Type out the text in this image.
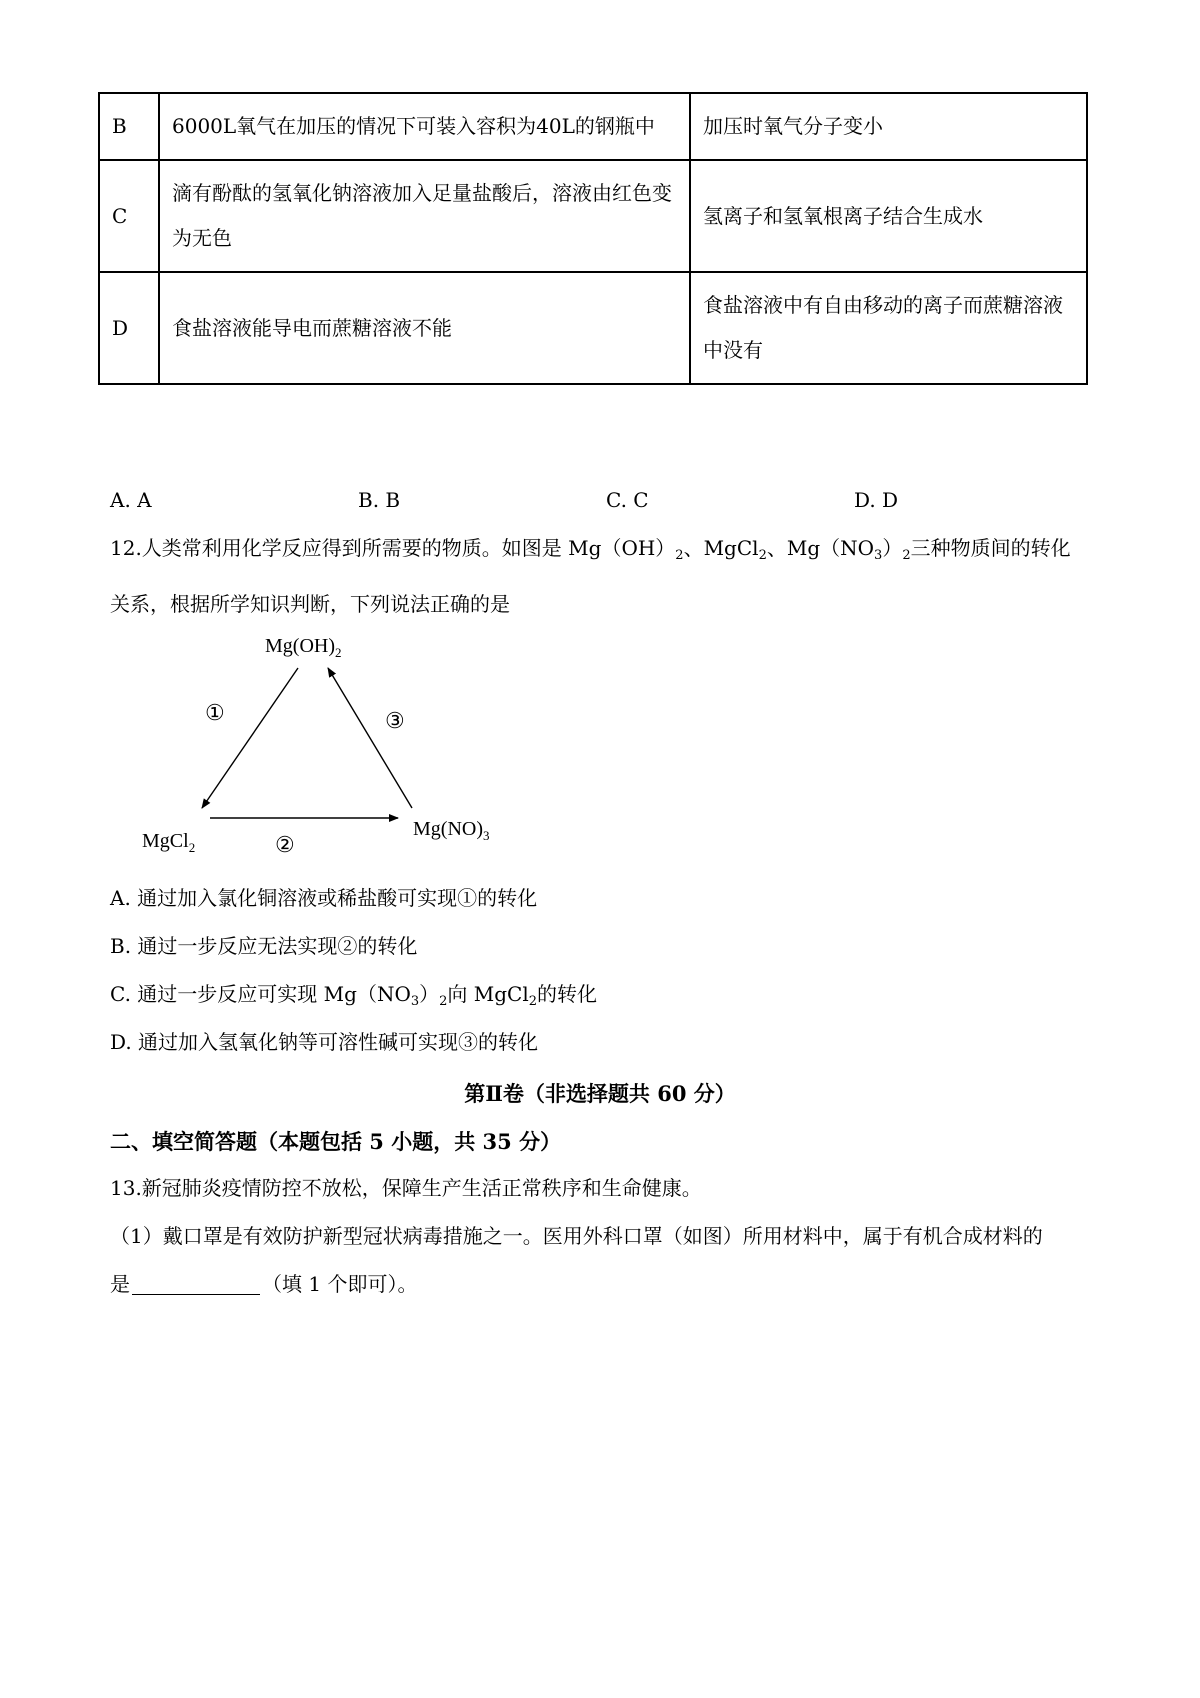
B	6000L氧气在加压的情况下可装入容积为40L的钢瓶中	加压时氧气分子变小
C	滴有酚酞的氢氧化钠溶液加入足量盐酸后，溶液由红色变为无色	氢离子和氢氧根离子结合生成水
D	食盐溶液能导电而蔗糖溶液不能	食盐溶液中有自由移动的离子而蔗糖溶液中没有
A. A	B. B	C. C	D. D
12.人类常利用化学反应得到所需要的物质。如图是 $Mg(OH)_2$、MgCl$_2$、$Mg(NO_3)_2$三种物质间的转化
关系，根据所学知识判断，下列说法正确的是
$Mg(OH)_2$
MgCl$_2$
$Mg(NO)_3$
①
②
③
A. 通过加入氯化铜溶液或稀盐酸可实现①的转化
B. 通过一步反应无法实现②的转化
C. 通过一步反应可实现 $Mg(NO_3)_2$向 MgCl$_2$的转化
D. 通过加入氢氧化钠等可溶性碱可实现③的转化
第Ⅱ卷（非选择题共 60 分）
二、填空简答题（本题包括 5 小题，共 35 分）
13.新冠肺炎疫情防控不放松，保障生产生活正常秩序和生命健康。
（1）戴口罩是有效防护新型冠状病毒措施之一。医用外科口罩（如图）所用材料中，属于有机合成材料的
是	（填 1 个即可）。
